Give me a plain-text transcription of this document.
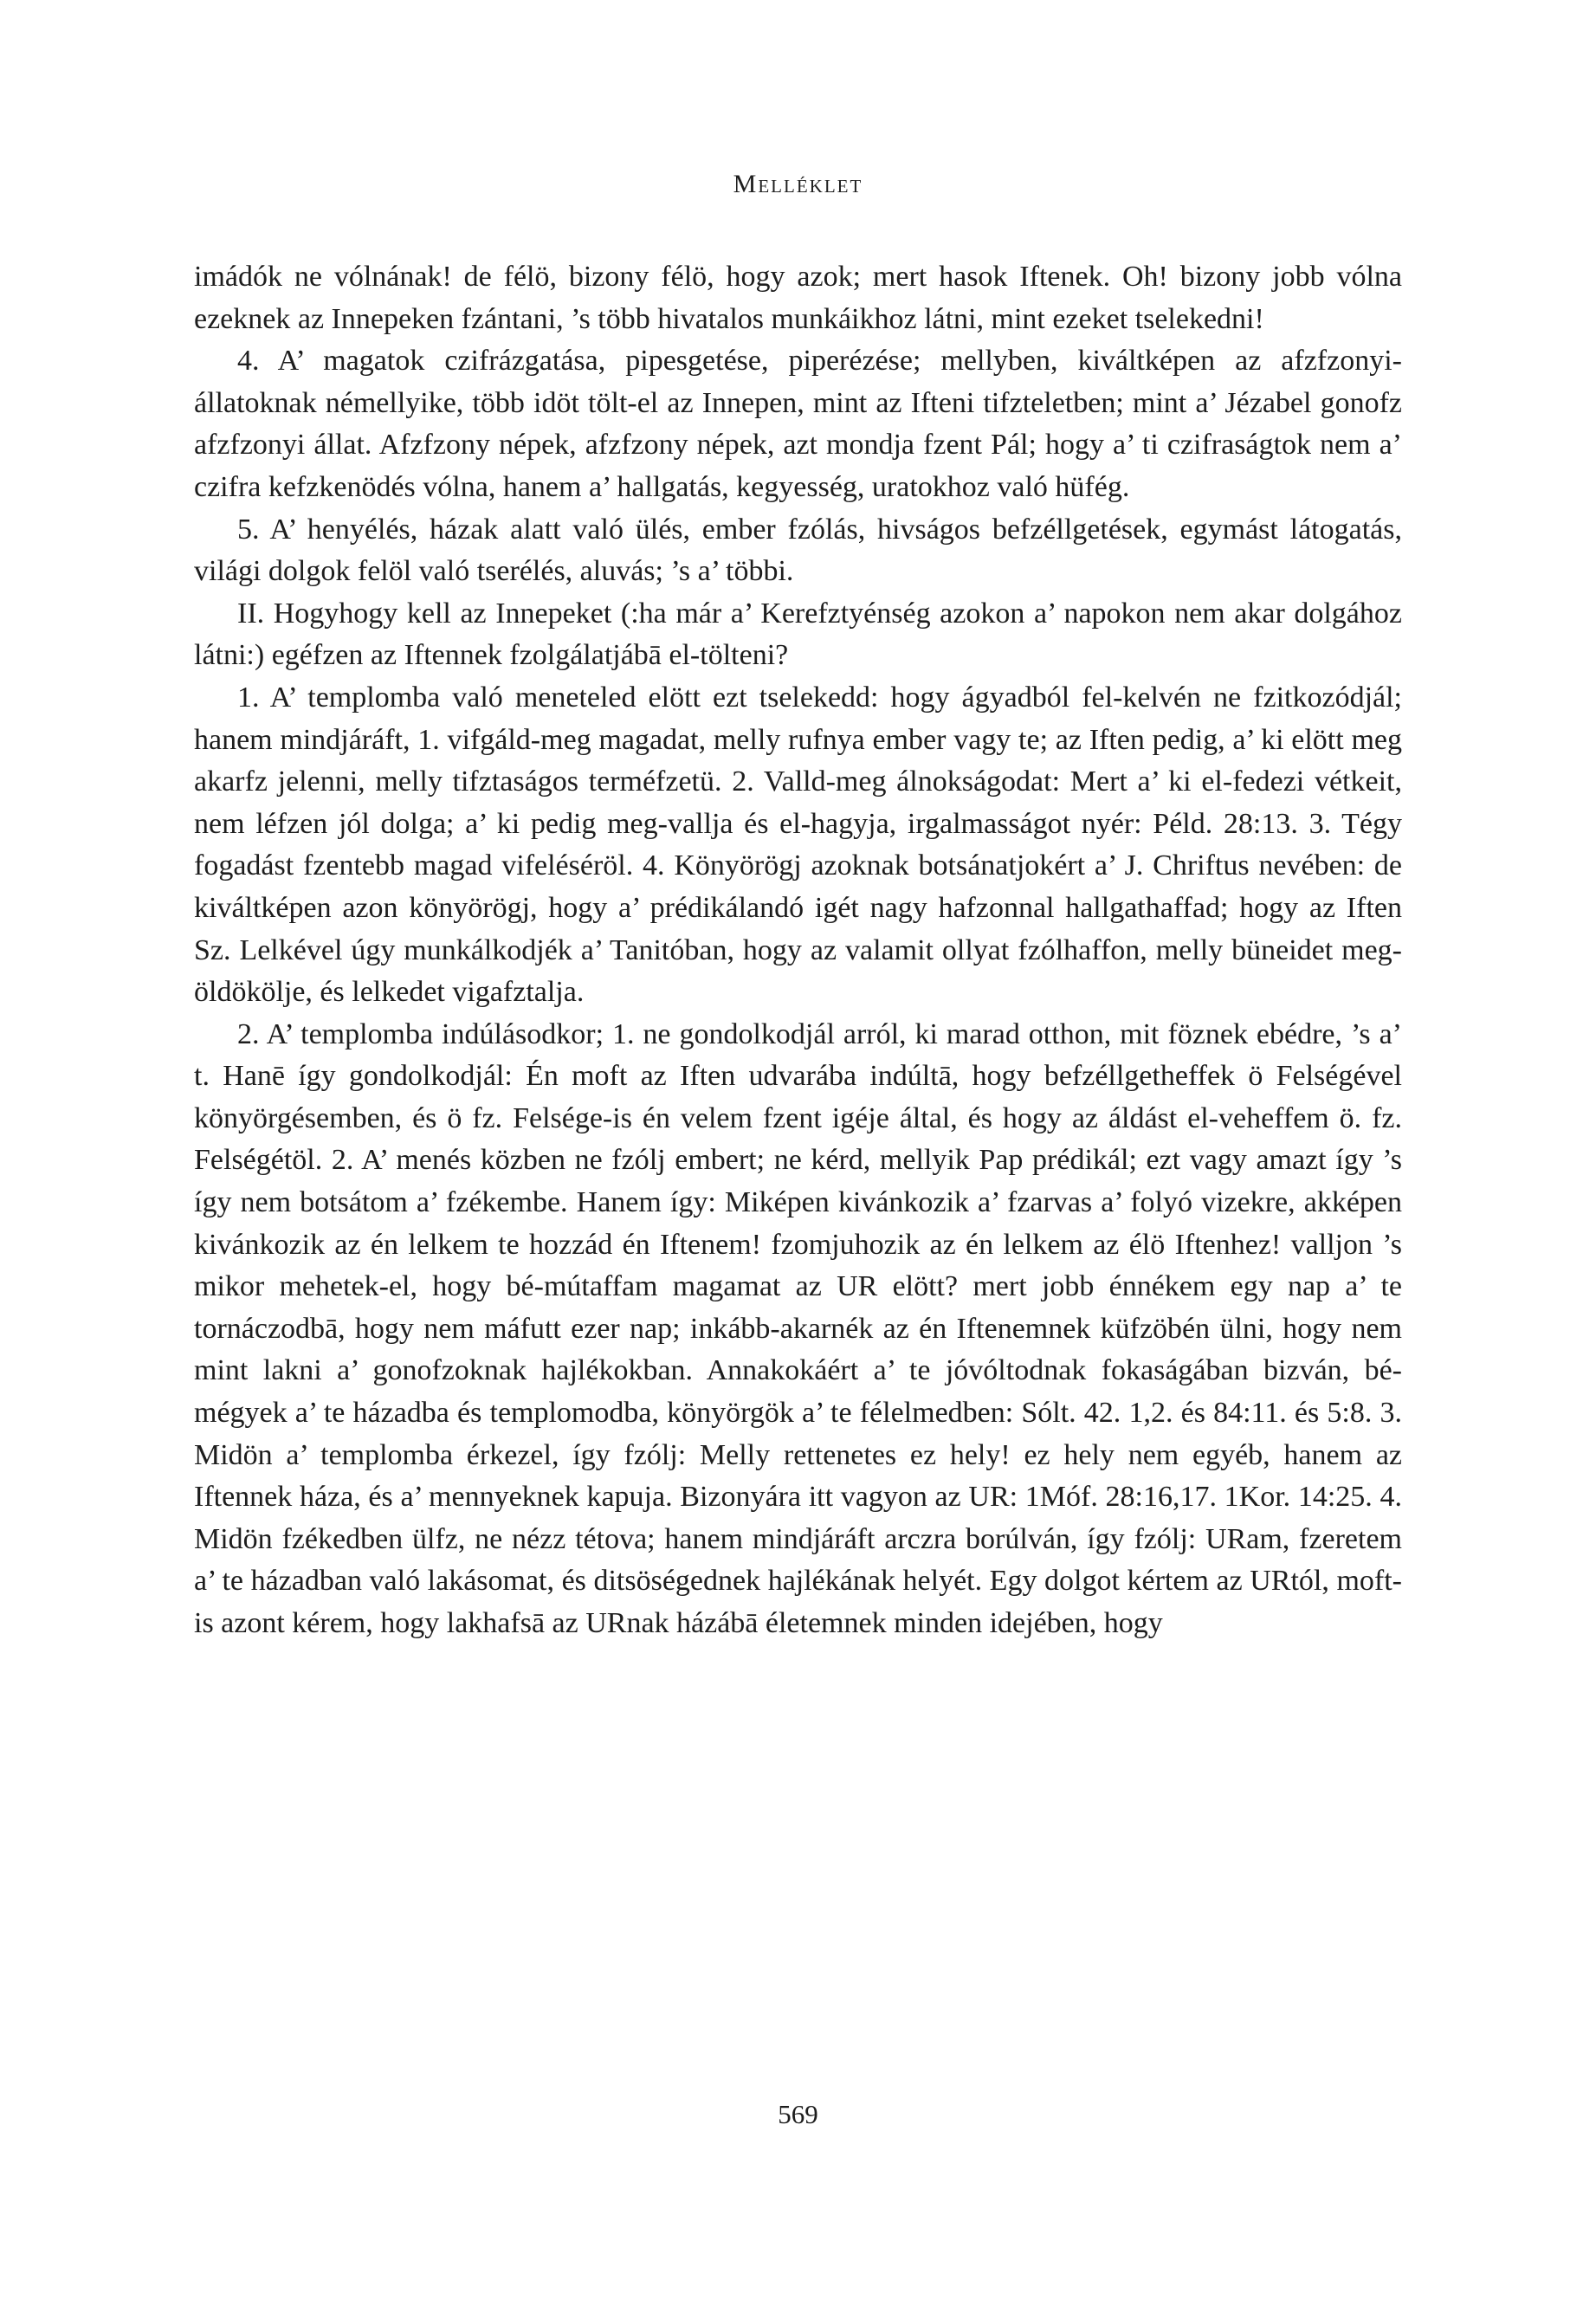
Melléklet

imádók ne vólnának! de félö, bizony félö, hogy azok; mert hasok Iftenek. Oh! bizony jobb vólna ezeknek az Innepeken fzántani, ’s több hivatalos munkáikhoz látni, mint ezeket tselekedni!

4. A’ magatok czifrázgatása, pipesgetése, piperézése; mellyben, kiváltképen az afzfzonyi-állatoknak némellyike, több idöt tölt-el az Innepen, mint az Ifteni tifzteletben; mint a’ Jézabel gonofz afzfzonyi állat. Afzfzony népek, afzfzony népek, azt mondja fzent Pál; hogy a’ ti czifraságtok nem a’ czifra kefzkenödés vólna, hanem a’ hallgatás, kegyesség, uratokhoz való hüfég.

5. A’ henyélés, házak alatt való ülés, ember fzólás, hivságos befzéllgetések, egymást látogatás, világi dolgok felöl való tserélés, aluvás; ’s a’ többi.

II. Hogyhogy kell az Innepeket (:ha már a’ Kerefztyénség azokon a’ napokon nem akar dolgához látni:) egéfzen az Iftennek fzolgálatjábā el-tölteni?

1. A’ templomba való meneteled elött ezt tselekedd: hogy ágyadból fel-kelvén ne fzitkozódjál; hanem mindjáráft, 1. vifgáld-meg magadat, melly rufnya ember vagy te; az Iften pedig, a’ ki elött meg akarfz jelenni, melly tifztaságos terméfzetü. 2. Valld-meg álnokságodat: Mert a’ ki el-fedezi vétkeit, nem léfzen jól dolga; a’ ki pedig meg-vallja és el-hagyja, irgalmasságot nyér: Péld. 28:13. 3. Tégy fogadást fzentebb magad vifeléséröl. 4. Könyörögj azoknak botsánatjokért a’ J. Chriftus nevében: de kiváltképen azon könyörögj, hogy a’ prédikálandó igét nagy hafzonnal hallgathaffad; hogy az Iften Sz. Lelkével úgy munkálkodjék a’ Tanitóban, hogy az valamit ollyat fzólhaffon, melly büneidet meg-öldökölje, és lelkedet vigafztalja.

2. A’ templomba indúlásodkor; 1. ne gondolkodjál arról, ki marad otthon, mit föznek ebédre, ’s a’ t. Hanē így gondolkodjál: Én moft az Iften udvarába indúltā, hogy befzéllgetheffek ö Felségével könyörgésemben, és ö fz. Felsége-is én velem fzent igéje által, és hogy az áldást el-veheffem ö. fz. Felségétöl. 2. A’ menés közben ne fzólj embert; ne kérd, mellyik Pap prédikál; ezt vagy amazt így ’s így nem botsátom a’ fzékembe. Hanem így: Miképen kivánkozik a’ fzarvas a’ folyó vizekre, akképen kivánkozik az én lelkem te hozzád én Iftenem! fzomjuhozik az én lelkem az élö Iftenhez! valljon ’s mikor mehetek-el, hogy bé-mútaffam magamat az UR elött? mert jobb énnékem egy nap a’ te tornáczodbā, hogy nem máfutt ezer nap; inkább-akarnék az én Iftenemnek küfzöbén ülni, hogy nem mint lakni a’ gonofzoknak hajlékokban. Annakokáért a’ te jóvóltodnak fokaságában bizván, bé-mégyek a’ te házadba és templomodba, könyörgök a’ te félelmedben: Sólt. 42. 1,2. és 84:11. és 5:8. 3. Midön a’ templomba érkezel, így fzólj: Melly rettenetes ez hely! ez hely nem egyéb, hanem az Iftennek háza, és a’ mennyeknek kapuja. Bizonyára itt vagyon az UR: 1Móf. 28:16,17. 1Kor. 14:25. 4. Midön fzékedben ülfz, ne nézz tétova; hanem mindjáráft arczra borúlván, így fzólj: URam, fzeretem a’ te házadban való lakásomat, és ditsöségednek hajlékának helyét. Egy dolgot kértem az URtól, moft-is azont kérem, hogy lakhafsā az URnak házábā életemnek minden idejében, hogy

569
